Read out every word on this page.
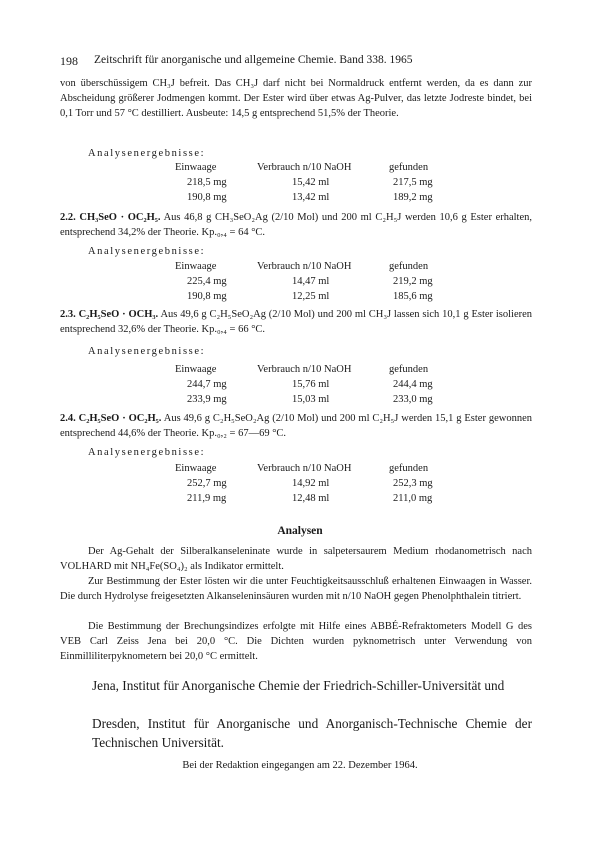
198 Zeitschrift für anorganische und allgemeine Chemie. Band 338. 1965
von überschüssigem CH₃J befreit. Das CH₃J darf nicht bei Normaldruck entfernt werden, da es dann zur Abscheidung größerer Jodmengen kommt. Der Ester wird über etwas Ag-Pulver, das letzte Jodreste bindet, bei 0,1 Torr und 57 °C destilliert. Ausbeute: 14,5 g entsprechend 51,5% der Theorie.
Analysenergebnisse:
Einwaage	Verbrauch n/10 NaOH	gefunden
218,5 mg	15,42 ml	217,5 mg
190,8 mg	13,42 ml	189,2 mg
2.2. CH₃SeO · OC₂H₅. Aus 46,8 g CH₃SeO₂Ag (2/10 Mol) und 200 ml C₂H₅J werden 10,6 g Ester erhalten, entsprechend 34,2% der Theorie. Kp.₀,₄ = 64 °C.
Analysenergebnisse:
Einwaage	Verbrauch n/10 NaOH	gefunden
225,4 mg	14,47 ml	219,2 mg
190,8 mg	12,25 ml	185,6 mg
2.3. C₂H₅SeO · OCH₃. Aus 49,6 g C₂H₅SeO₂Ag (2/10 Mol) und 200 ml CH₃J lassen sich 10,1 g Ester isolieren entsprechend 32,6% der Theorie. Kp.₀,₄ = 66 °C.
Analysenergebnisse:
Einwaage	Verbrauch n/10 NaOH	gefunden
244,7 mg	15,76 ml	244,4 mg
233,9 mg	15,03 ml	233,0 mg
2.4. C₂H₅SeO · OC₂H₅. Aus 49,6 g C₂H₅SeO₂Ag (2/10 Mol) und 200 ml C₂H₅J werden 15,1 g Ester gewonnen entsprechend 44,6% der Theorie. Kp.₀,₂ = 67—69 °C.
Analysenergebnisse:
Einwaage	Verbrauch n/10 NaOH	gefunden
252,7 mg	14,92 ml	252,3 mg
211,9 mg	12,48 ml	211,0 mg
Analysen
Der Ag-Gehalt der Silberalkanseleninate wurde in salpetersaurem Medium rhodanometrisch nach VOLHARD mit NH₄Fe(SO₄)₂ als Indikator ermittelt.
Zur Bestimmung der Ester lösten wir die unter Feuchtigkeitsausschluß erhaltenen Einwaagen in Wasser. Die durch Hydrolyse freigesetzten Alkanseleninsäuren wurden mit n/10 NaOH gegen Phenolphthalein titriert.
Die Bestimmung der Brechungsindizes erfolgte mit Hilfe eines ABBÉ-Refraktometers Modell G des VEB Carl Zeiss Jena bei 20,0 °C. Die Dichten wurden pyknometrisch unter Verwendung von Einmilliliterpyknometern bei 20,0 °C ermittelt.
Jena, Institut für Anorganische Chemie der Friedrich-Schiller-Universität und
Dresden, Institut für Anorganische und Anorganisch-Technische Chemie der Technischen Universität.
Bei der Redaktion eingegangen am 22. Dezember 1964.
